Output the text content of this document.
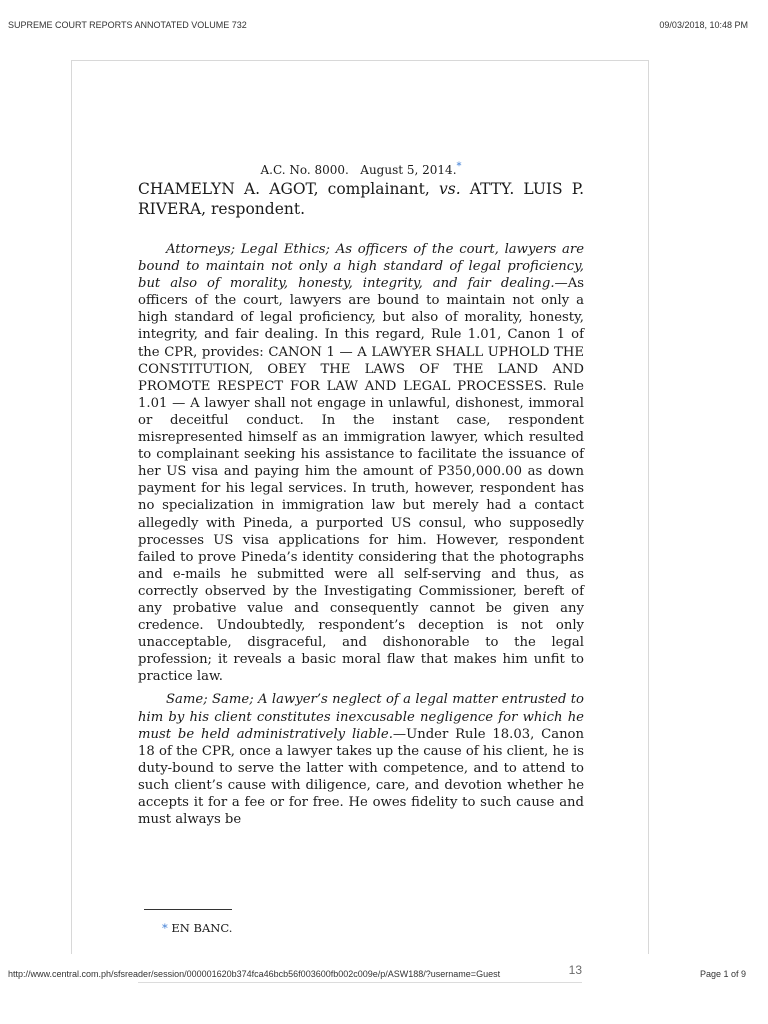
SUPREME COURT REPORTS ANNOTATED VOLUME 732	09/03/2018, 10:48 PM
A.C. No. 8000.   August 5, 2014.*
CHAMELYN A. AGOT, complainant, vs. ATTY. LUIS P. RIVERA, respondent.

Attorneys; Legal Ethics; As officers of the court, lawyers are bound to maintain not only a high standard of legal proficiency, but also of morality, honesty, integrity, and fair dealing.—As officers of the court, lawyers are bound to maintain not only a high standard of legal proficiency, but also of morality, honesty, integrity, and fair dealing. In this regard, Rule 1.01, Canon 1 of the CPR, provides: CANON 1 — A LAWYER SHALL UPHOLD THE CONSTITUTION, OBEY THE LAWS OF THE LAND AND PROMOTE RESPECT FOR LAW AND LEGAL PROCESSES. Rule 1.01 — A lawyer shall not engage in unlawful, dishonest, immoral or deceitful conduct. In the instant case, respondent misrepresented himself as an immigration lawyer, which resulted to complainant seeking his assistance to facilitate the issuance of her US visa and paying him the amount of P350,000.00 as down payment for his legal services. In truth, however, respondent has no specialization in immigration law but merely had a contact allegedly with Pineda, a purported US consul, who supposedly processes US visa applications for him. However, respondent failed to prove Pineda’s identity considering that the photographs and e-mails he submitted were all self-serving and thus, as correctly observed by the Investigating Commissioner, bereft of any probative value and consequently cannot be given any credence. Undoubtedly, respondent’s deception is not only unacceptable, disgraceful, and dishonorable to the legal profession; it reveals a basic moral flaw that makes him unfit to practice law.

Same; Same; A lawyer’s neglect of a legal matter entrusted to him by his client constitutes inexcusable negligence for which he must be held administratively liable.—Under Rule 18.03, Canon 18 of the CPR, once a lawyer takes up the cause of his client, he is duty-bound to serve the latter with competence, and to attend to such client’s cause with diligence, care, and devotion whether he accepts it for a fee or for free. He owes fidelity to such cause and must always be

* EN BANC.
13
http://www.central.com.ph/sfsreader/session/000001620b374fca46bcb56f003600fb002c009e/p/ASW188/?username=Guest	Page 1 of 9
